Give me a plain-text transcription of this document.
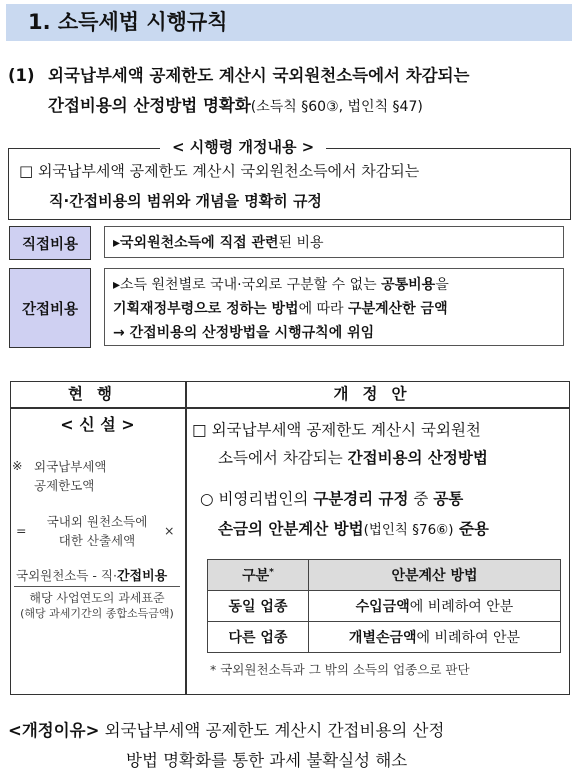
1. 소득세법 시행규칙
(1) 외국납부세액 공제한도 계산시 국외원천소득에서 차감되는
간접비용의 산정방법 명확화(소득칙 §60③, 법인칙 §47)
□ 외국납부세액 공제한도 계산시 국외원천소득에서 차감되는
직·간접비용의 범위와 개념을 명확히 규정
< 시행령 개정내용 >
직접비용	▸국외원천소득에 직접 관련된 비용
간접비용
▸소득 원천별로 국내·국외로 구분할 수 없는 공통비용을
기획재정부령으로 정하는 방법에 따라 구분계산한 금액
→ 간접비용의 산정방법을 시행규칙에 위임
현행	개정안
< 신 설 >
※ 외국납부세액
공제한도액
=
국내외 원천소득에
대한 산출세액
×
국외원천소득 - 직·간접비용
해당 사업연도의 과세표준
(해당 과세기간의 종합소득금액)
□ 외국납부세액 공제한도 계산시 국외원천
소득에서 차감되는 간접비용의 산정방법
○ 비영리법인의 구분경리 규정 중 공통
손금의 안분계산 방법(법인칙 §76⑥) 준용
구분*	안분계산 방법
동일 업종	수입금액에 비례하여 안분
다른 업종	개별손금액에 비례하여 안분
* 국외원천소득과 그 밖의 소득의 업종으로 판단
<개정이유> 외국납부세액 공제한도 계산시 간접비용의 산정
방법 명확화를 통한 과세 불확실성 해소
